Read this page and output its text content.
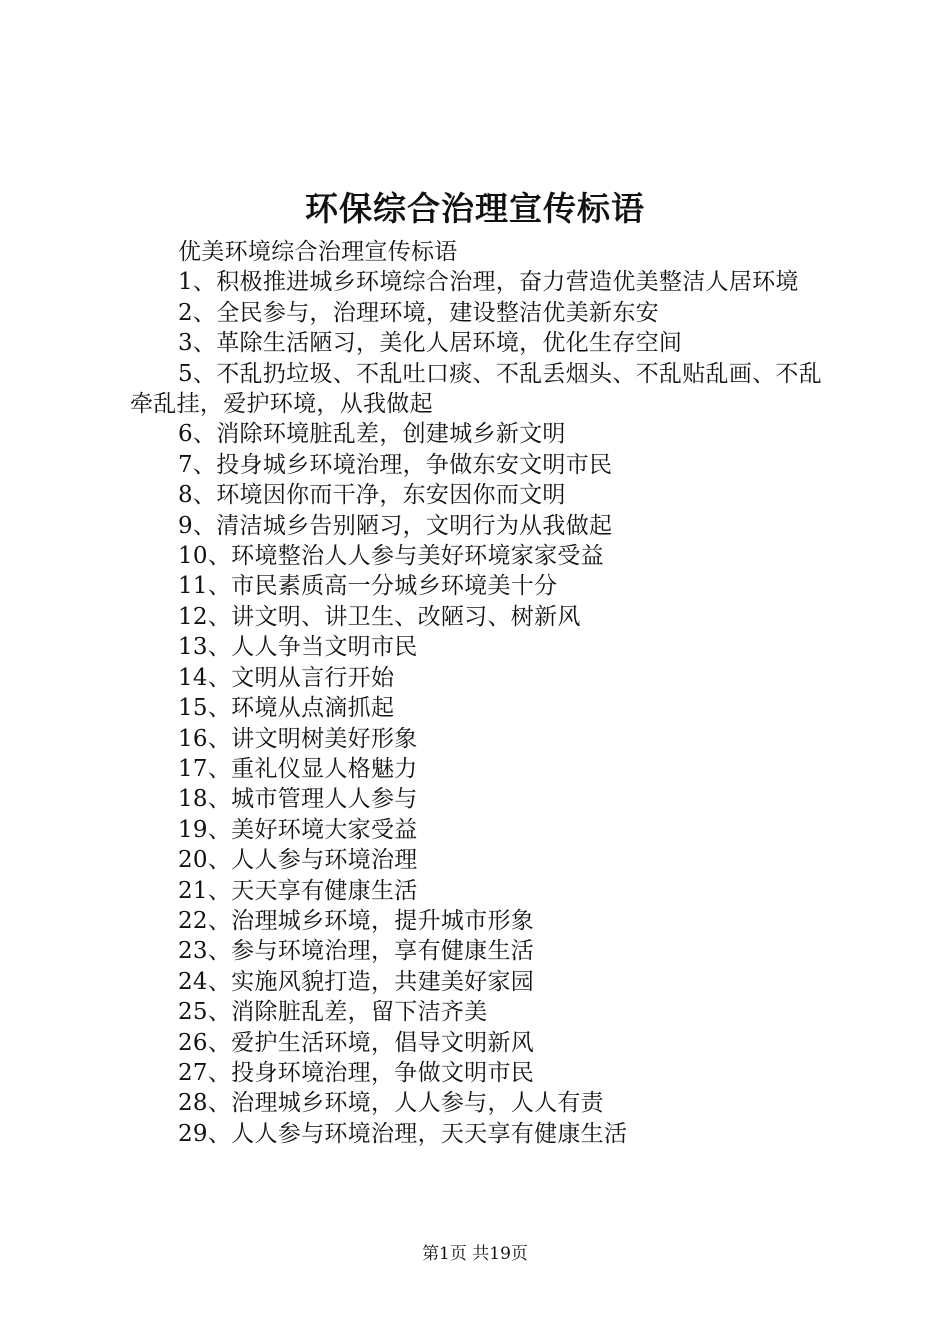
环保综合治理宣传标语

优美环境综合治理宣传标语

1、积极推进城乡环境综合治理，奋力营造优美整洁人居环境

2、全民参与，治理环境，建设整洁优美新东安

3、革除生活陋习，美化人居环境，优化生存空间

5、不乱扔垃圾、不乱吐口痰、不乱丢烟头、不乱贴乱画、不乱牵乱挂，爱护环境，从我做起

6、消除环境脏乱差，创建城乡新文明

7、投身城乡环境治理，争做东安文明市民

8、环境因你而干净，东安因你而文明

9、清洁城乡告别陋习，文明行为从我做起

10、环境整治人人参与美好环境家家受益

11、市民素质高一分城乡环境美十分

12、讲文明、讲卫生、改陋习、树新风

13、人人争当文明市民

14、文明从言行开始

15、环境从点滴抓起

16、讲文明树美好形象

17、重礼仪显人格魅力

18、城市管理人人参与

19、美好环境大家受益

20、人人参与环境治理

21、天天享有健康生活

22、治理城乡环境，提升城市形象

23、参与环境治理，享有健康生活

24、实施风貌打造，共建美好家园

25、消除脏乱差，留下洁齐美

26、爱护生活环境，倡导文明新风

27、投身环境治理，争做文明市民

28、治理城乡环境，人人参与，人人有责

29、人人参与环境治理，天天享有健康生活

第1页 共19页
